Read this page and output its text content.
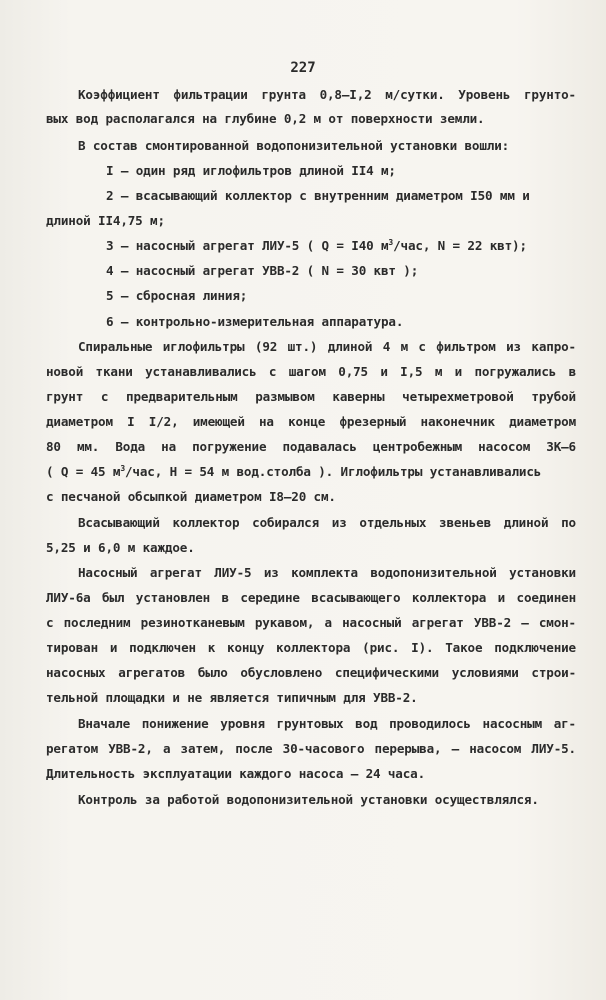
227
Коэффициент фильтрации грунта 0,8–I,2 м/сутки. Уровень грунто-
вых вод располагался на глубине 0,2 м от поверхности земли.
В состав смонтированной водопонизительной установки вошли:
I – один ряд иглофильтров длиной II4 м;
2 – всасывающий коллектор с внутренним диаметром I50 мм и
длиной II4,75 м;
3 – насосный агрегат ЛИУ-5 ( Q = I40 $м^3$/час, N = 22 квт);
4 – насосный агрегат УВВ-2 ( N = 30 квт );
5 – сбросная линия;
6 – контрольно-измерительная аппаратура.
Спиральные иглофильтры (92 шт.) длиной 4 м с фильтром из капро-
новой ткани устанавливались с шагом 0,75 и I,5 м и погружались в
грунт с предварительным размывом каверны четырехметровой трубой
диаметром I I/2, имеющей на конце фрезерный наконечник диаметром
80 мм. Вода на погружение подавалась центробежным насосом 3К–6
( Q = 45 $м^3$/час, Н = 54 м вод.столба ). Иглофильтры устанавливались
с песчаной обсыпкой диаметром I8–20 см.
Всасывающий коллектор собирался из отдельных звеньев длиной по
5,25 и 6,0 м каждое.
Насосный агрегат ЛИУ-5 из комплекта водопонизительной установки
ЛИУ-6а был установлен в середине всасывающего коллектора и соединен
с последним резинотканевым рукавом, а насосный агрегат УВВ-2 – смон-
тирован и подключен к концу коллектора (рис. I). Такое подключение
насосных агрегатов было обусловлено специфическими условиями строи-
тельной площадки и не является типичным для УВВ-2.
Вначале понижение уровня грунтовых вод проводилось насосным аг-
регатом УВВ-2, а затем, после 30-часового перерыва, – насосом ЛИУ-5.
Длительность эксплуатации каждого насоса – 24 часа.
Контроль за работой водопонизительной установки осуществлялся.
